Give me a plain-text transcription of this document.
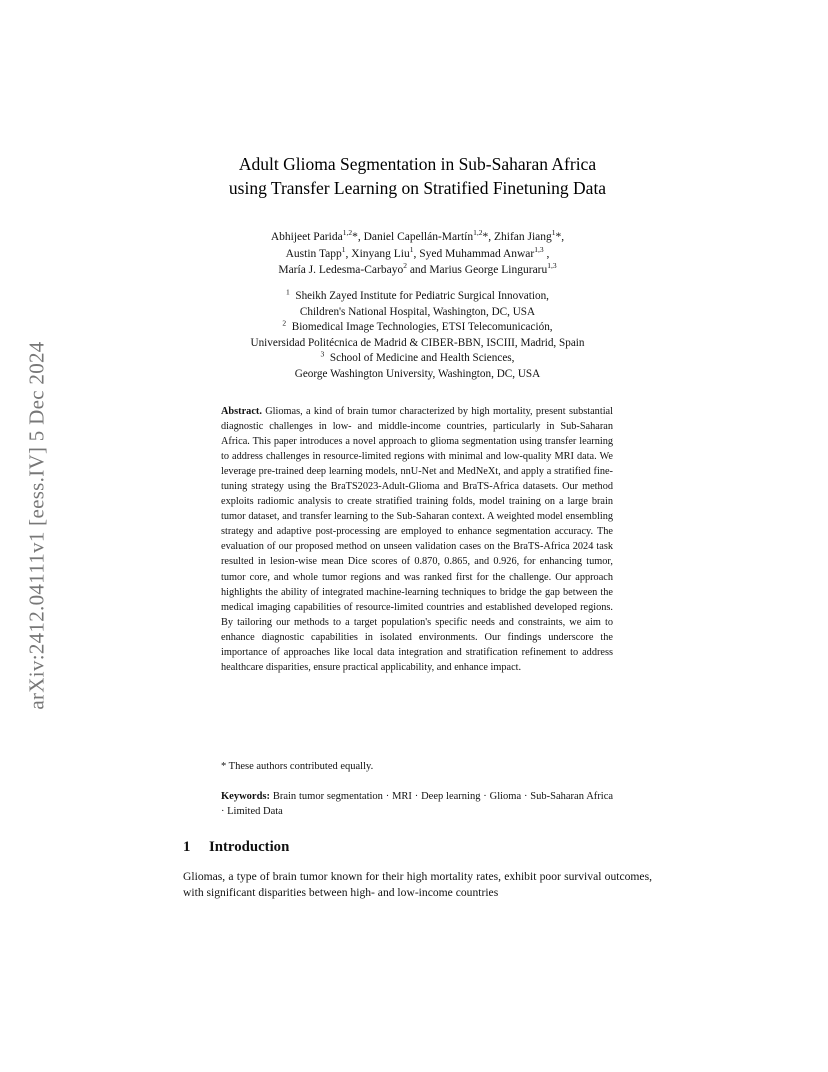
arXiv:2412.04111v1 [eess.IV] 5 Dec 2024
Adult Glioma Segmentation in Sub-Saharan Africa
using Transfer Learning on Stratified Finetuning Data
Abhijeet Parida$^{1,2}$*, Daniel Capellán-Martín$^{1,2}$*, Zhifan Jiang$^1$*,
Austin Tapp$^1$, Xinyang Liu$^1$, Syed Muhammad Anwar$^{1,3}$ ,
María J. Ledesma-Carbayo$^2$ and Marius George Linguraru$^{1,3}$
$^1$ Sheikh Zayed Institute for Pediatric Surgical Innovation,
Children's National Hospital, Washington, DC, USA
$^2$ Biomedical Image Technologies, ETSI Telecomunicación,
Universidad Politécnica de Madrid & CIBER-BBN, ISCIII, Madrid, Spain
$^3$ School of Medicine and Health Sciences,
George Washington University, Washington, DC, USA
Abstract. Gliomas, a kind of brain tumor characterized by high mortality, present substantial diagnostic challenges in low- and middle-income countries, particularly in Sub-Saharan Africa. This paper introduces a novel approach to glioma segmentation using transfer learning to address challenges in resource-limited regions with minimal and low-quality MRI data. We leverage pre-trained deep learning models, nnU-Net and MedNeXt, and apply a stratified fine-tuning strategy using the BraTS2023-Adult-Glioma and BraTS-Africa datasets. Our method exploits radiomic analysis to create stratified training folds, model training on a large brain tumor dataset, and transfer learning to the Sub-Saharan context. A weighted model ensembling strategy and adaptive post-processing are employed to enhance segmentation accuracy. The evaluation of our proposed method on unseen validation cases on the BraTS-Africa 2024 task resulted in lesion-wise mean Dice scores of 0.870, 0.865, and 0.926, for enhancing tumor, tumor core, and whole tumor regions and was ranked first for the challenge. Our approach highlights the ability of integrated machine-learning techniques to bridge the gap between the medical imaging capabilities of resource-limited countries and established developed regions. By tailoring our methods to a target population's specific needs and constraints, we aim to enhance diagnostic capabilities in isolated environments. Our findings underscore the importance of approaches like local data integration and stratification refinement to address healthcare disparities, ensure practical applicability, and enhance impact.
* These authors contributed equally.
Keywords: Brain tumor segmentation · MRI · Deep learning · Glioma · Sub-Saharan Africa · Limited Data
1 Introduction
Gliomas, a type of brain tumor known for their high mortality rates, exhibit poor survival outcomes, with significant disparities between high- and low-income countries
